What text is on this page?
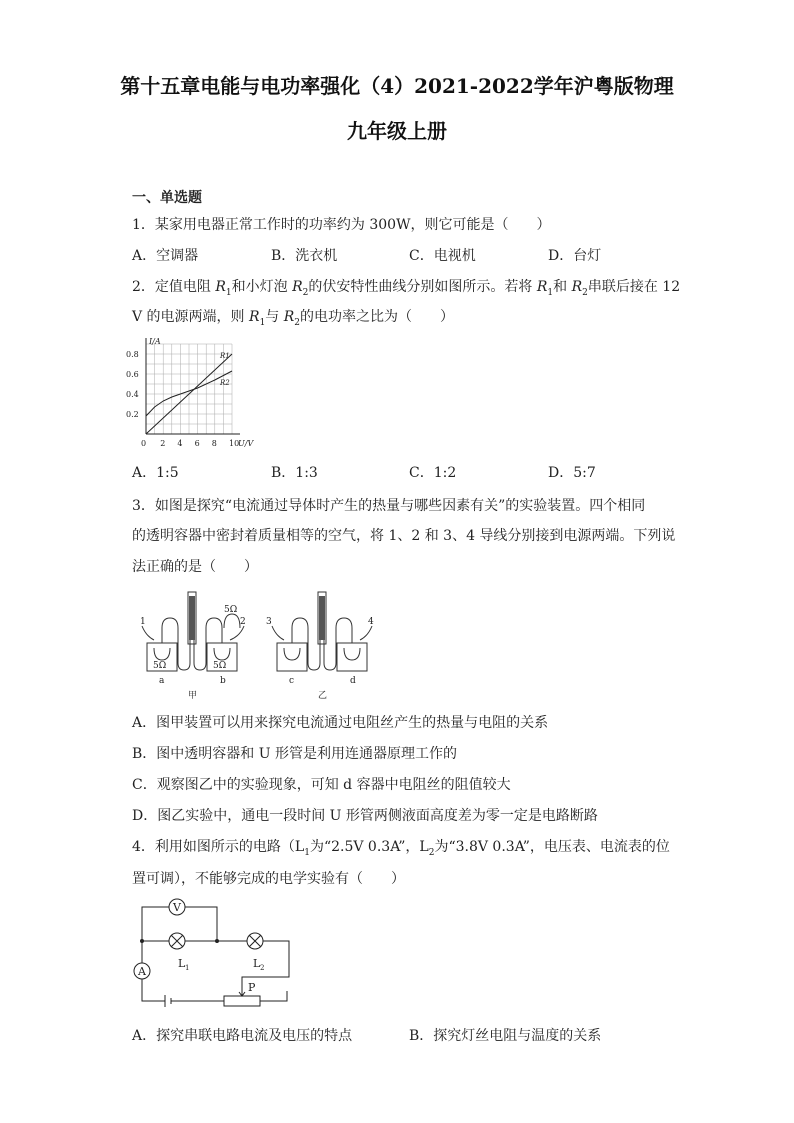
第十五章电能与电功率强化（4）2021-2022学年沪粤版物理
九年级上册
一、单选题
1．某家用电器正常工作时的功率约为 300W，则它可能是（　　）
A．空调器	B．洗衣机	C．电视机	D．台灯
2．定值电阻 $R_1$和小灯泡 $R_2$的伏安特性曲线分别如图所示。若将 $R_1$和 $R_2$串联后接在 12
V 的电源两端，则 $R_1$与 $R_2$的电功率之比为（　　）
I/A
U/V
0 2 4 6 8 10
0.2
0.4
0.6
0.8	R1
R2
A．1:5	B．1:3	C．1:2	D．5:7
3．如图是探究“电流通过导体时产生的热量与哪些因素有关”的实验装置。四个相同
的透明容器中密封着质量相等的空气，将 1、2 和 3、4 导线分别接到电源两端。下列说
法正确的是（　　）
1	2 3	4
5Ω	5Ω
5Ω
a	b	c	d
甲	乙
A．图甲装置可以用来探究电流通过电阻丝产生的热量与电阻的关系
B．图中透明容器和 U 形管是利用连通器原理工作的
C．观察图乙中的实验现象，可知 d 容器中电阻丝的阻值较大
D．图乙实验中，通电一段时间 U 形管两侧液面高度差为零一定是电路断路
4．利用如图所示的电路（$L_1$为“2.5V 0.3A”，$L_2$为“3.8V 0.3A”，电压表、电流表的位
置可调），不能够完成的电学实验有（　　）
V
A
L 1	L 2
P
A．探究串联电路电流及电压的特点	B．探究灯丝电阻与温度的关系
